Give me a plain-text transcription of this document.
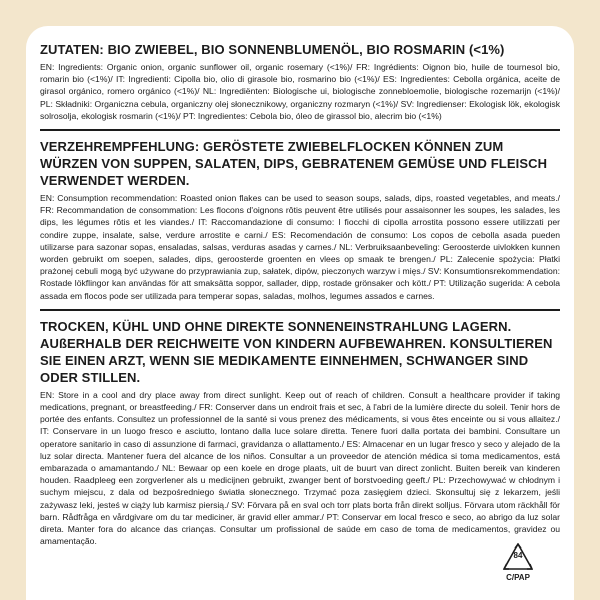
ZUTATEN: BIO ZWIEBEL, BIO SONNENBLUMENÖL, BIO ROSMARIN (<1%)

EN: Ingredients: Organic onion, organic sunflower oil, organic rosemary (<1%)/ FR: Ingrédients: Oignon bio, huile de tournesol bio, romarin bio (<1%)/ IT: Ingredienti: Cipolla bio, olio di girasole bio, rosmarino bio (<1%)/ ES: Ingredientes: Cebolla orgánica, aceite de girasol orgánico, romero orgánico (<1%)/ NL: Ingrediënten: Biologische ui, biologische zonnebloemolie, biologische rozemarijn (<1%)/ PL: Składniki: Organiczna cebula, organiczny olej słonecznikowy, organiczny rozmaryn (<1%)/ SV: Ingredienser: Ekologisk lök, ekologisk solrosolja, ekologisk rosmarin (<1%)/ PT: Ingredientes: Cebola bio, óleo de girassol bio, alecrim bio (<1%)

VERZEHREMPFEHLUNG: GERÖSTETE ZWIEBELFLOCKEN KÖNNEN ZUM WÜRZEN VON SUPPEN, SALATEN, DIPS, GEBRATENEM GEMÜSE UND FLEISCH VERWENDET WERDEN.

EN: Consumption recommendation: Roasted onion flakes can be used to season soups, salads, dips, roasted vegetables, and meats./ FR: Recommandation de consommation: Les flocons d'oignons rôtis peuvent être utilisés pour assaisonner les soupes, les salades, les dips, les légumes rôtis et les viandes./ IT: Raccomandazione di consumo: I fiocchi di cipolla arrostita possono essere utilizzati per condire zuppe, insalate, salse, verdure arrostite e carni./ ES: Recomendación de consumo: Los copos de cebolla asada pueden utilizarse para sazonar sopas, ensaladas, salsas, verduras asadas y carnes./ NL: Verbruiksaanbeveling: Geroosterde uivlokken kunnen worden gebruikt om soepen, salades, dips, geroosterde groenten en vlees op smaak te brengen./ PL: Zalecenie spożycia: Płatki prażonej cebuli mogą być używane do przyprawiania zup, sałatek, dipów, pieczonych warzyw i mięs./ SV: Konsumtionsrekommendation: Rostade lökflingor kan användas för att smaksätta soppor, sallader, dipp, rostade grönsaker och kött./ PT: Utilização sugerida: A cebola assada em flocos pode ser utilizada para temperar sopas, saladas, molhos, legumes assados e carnes.

TROCKEN, KÜHL UND OHNE DIREKTE SONNENEINSTRAHLUNG LAGERN. AUßERHALB DER REICHWEITE VON KINDERN AUFBEWAHREN. KONSULTIEREN SIE EINEN ARZT, WENN SIE MEDIKAMENTE EINNEHMEN, SCHWANGER SIND ODER STILLEN.

EN: Store in a cool and dry place away from direct sunlight. Keep out of reach of children. Consult a healthcare provider if taking medications, pregnant, or breastfeeding./ FR: Conserver dans un endroit frais et sec, à l'abri de la lumière directe du soleil. Tenir hors de portée des enfants. Consultez un professionnel de la santé si vous prenez des médicaments, si vous êtes enceinte ou si vous allaitez./ IT: Conservare in un luogo fresco e asciutto, lontano dalla luce solare diretta. Tenere fuori dalla portata dei bambini. Consultare un operatore sanitario in caso di assunzione di farmaci, gravidanza o allattamento./ ES: Almacenar en un lugar fresco y seco y alejado de la luz solar directa. Mantener fuera del alcance de los niños. Consultar a un proveedor de atención médica si toma medicamentos, está embarazada o amamantando./ NL: Bewaar op een koele en droge plaats, uit de buurt van direct zonlicht. Buiten bereik van kinderen houden. Raadpleeg een zorgverlener als u medicijnen gebruikt, zwanger bent of borstvoeding geeft./ PL: Przechowywać w chłodnym i suchym miejscu, z dala od bezpośredniego światła słonecznego. Trzymać poza zasięgiem dzieci. Skonsultuj się z lekarzem, jeśli zażywasz leki, jesteś w ciąży lub karmisz piersią./ SV: Förvara på en sval och torr plats borta från direkt solljus. Förvara utom räckhåll för barn. Rådfråga en vårdgivare om du tar mediciner, är gravid eller ammar./ PT: Conservar em local fresco e seco, ao abrigo da luz solar direta. Manter fora do alcance das crianças. Consultar um profissional de saúde em caso de toma de medicamentos, gravidez ou amamentação.

84
C/PAP
